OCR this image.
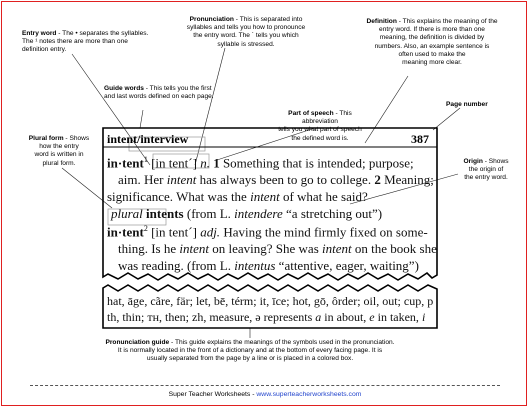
Entry word - The • separates the syllables.
The ¹ notes there are more than one
definition entry.
Pronunciation - This is separated into
syllables and tells you how to pronounce
the entry word. The ´ tells you which
syllable is stressed.
Definition - This explains the meaning of the
entry word. If there is more than one
meaning, the definition is divided by
numbers. Also, an example sentence is
often used to make the
meaning more clear.
Guide words - This tells you the first
and last words defined on each page.
Part of speech - This abbreviation
tells you what part of speech
the defined word is.
Page number
Plural form - Shows
how the entry
word is written in
plural form.	Origin - Shows
the origin of
the entry word.
Pronunciation guide - This guide explains the meanings of the symbols used in the pronunciation.
It is normally located in the front of a dictionary and at the bottom of every facing page. It is
usually separated from the page by a line or is placed in a colored box.
intent/interview	387
in·tent$^1$ [in tent´] n. 1 Something that is intended; purpose;
aim. Her intent has always been to go to college. 2 Meaning;
significance. What was the intent of what he said?
plural intents (from L. intendere “a stretching out”)
in·tent$^2$ [in tent´] adj. Having the mind firmly fixed on some-
thing. Is he intent on leaving? She was intent on the book she
was reading. (from L. intentus “attentive, eager, waiting”)
hat, āge, cãre, fär; let, bē, térm; it, īce; hot, gō, ôrder; oil, out; cup, p
th, thin; ᴛʜ, then; zh, measure, ə represents a in about, e in taken, i
Super Teacher Worksheets - www.superteacherworksheets.com
